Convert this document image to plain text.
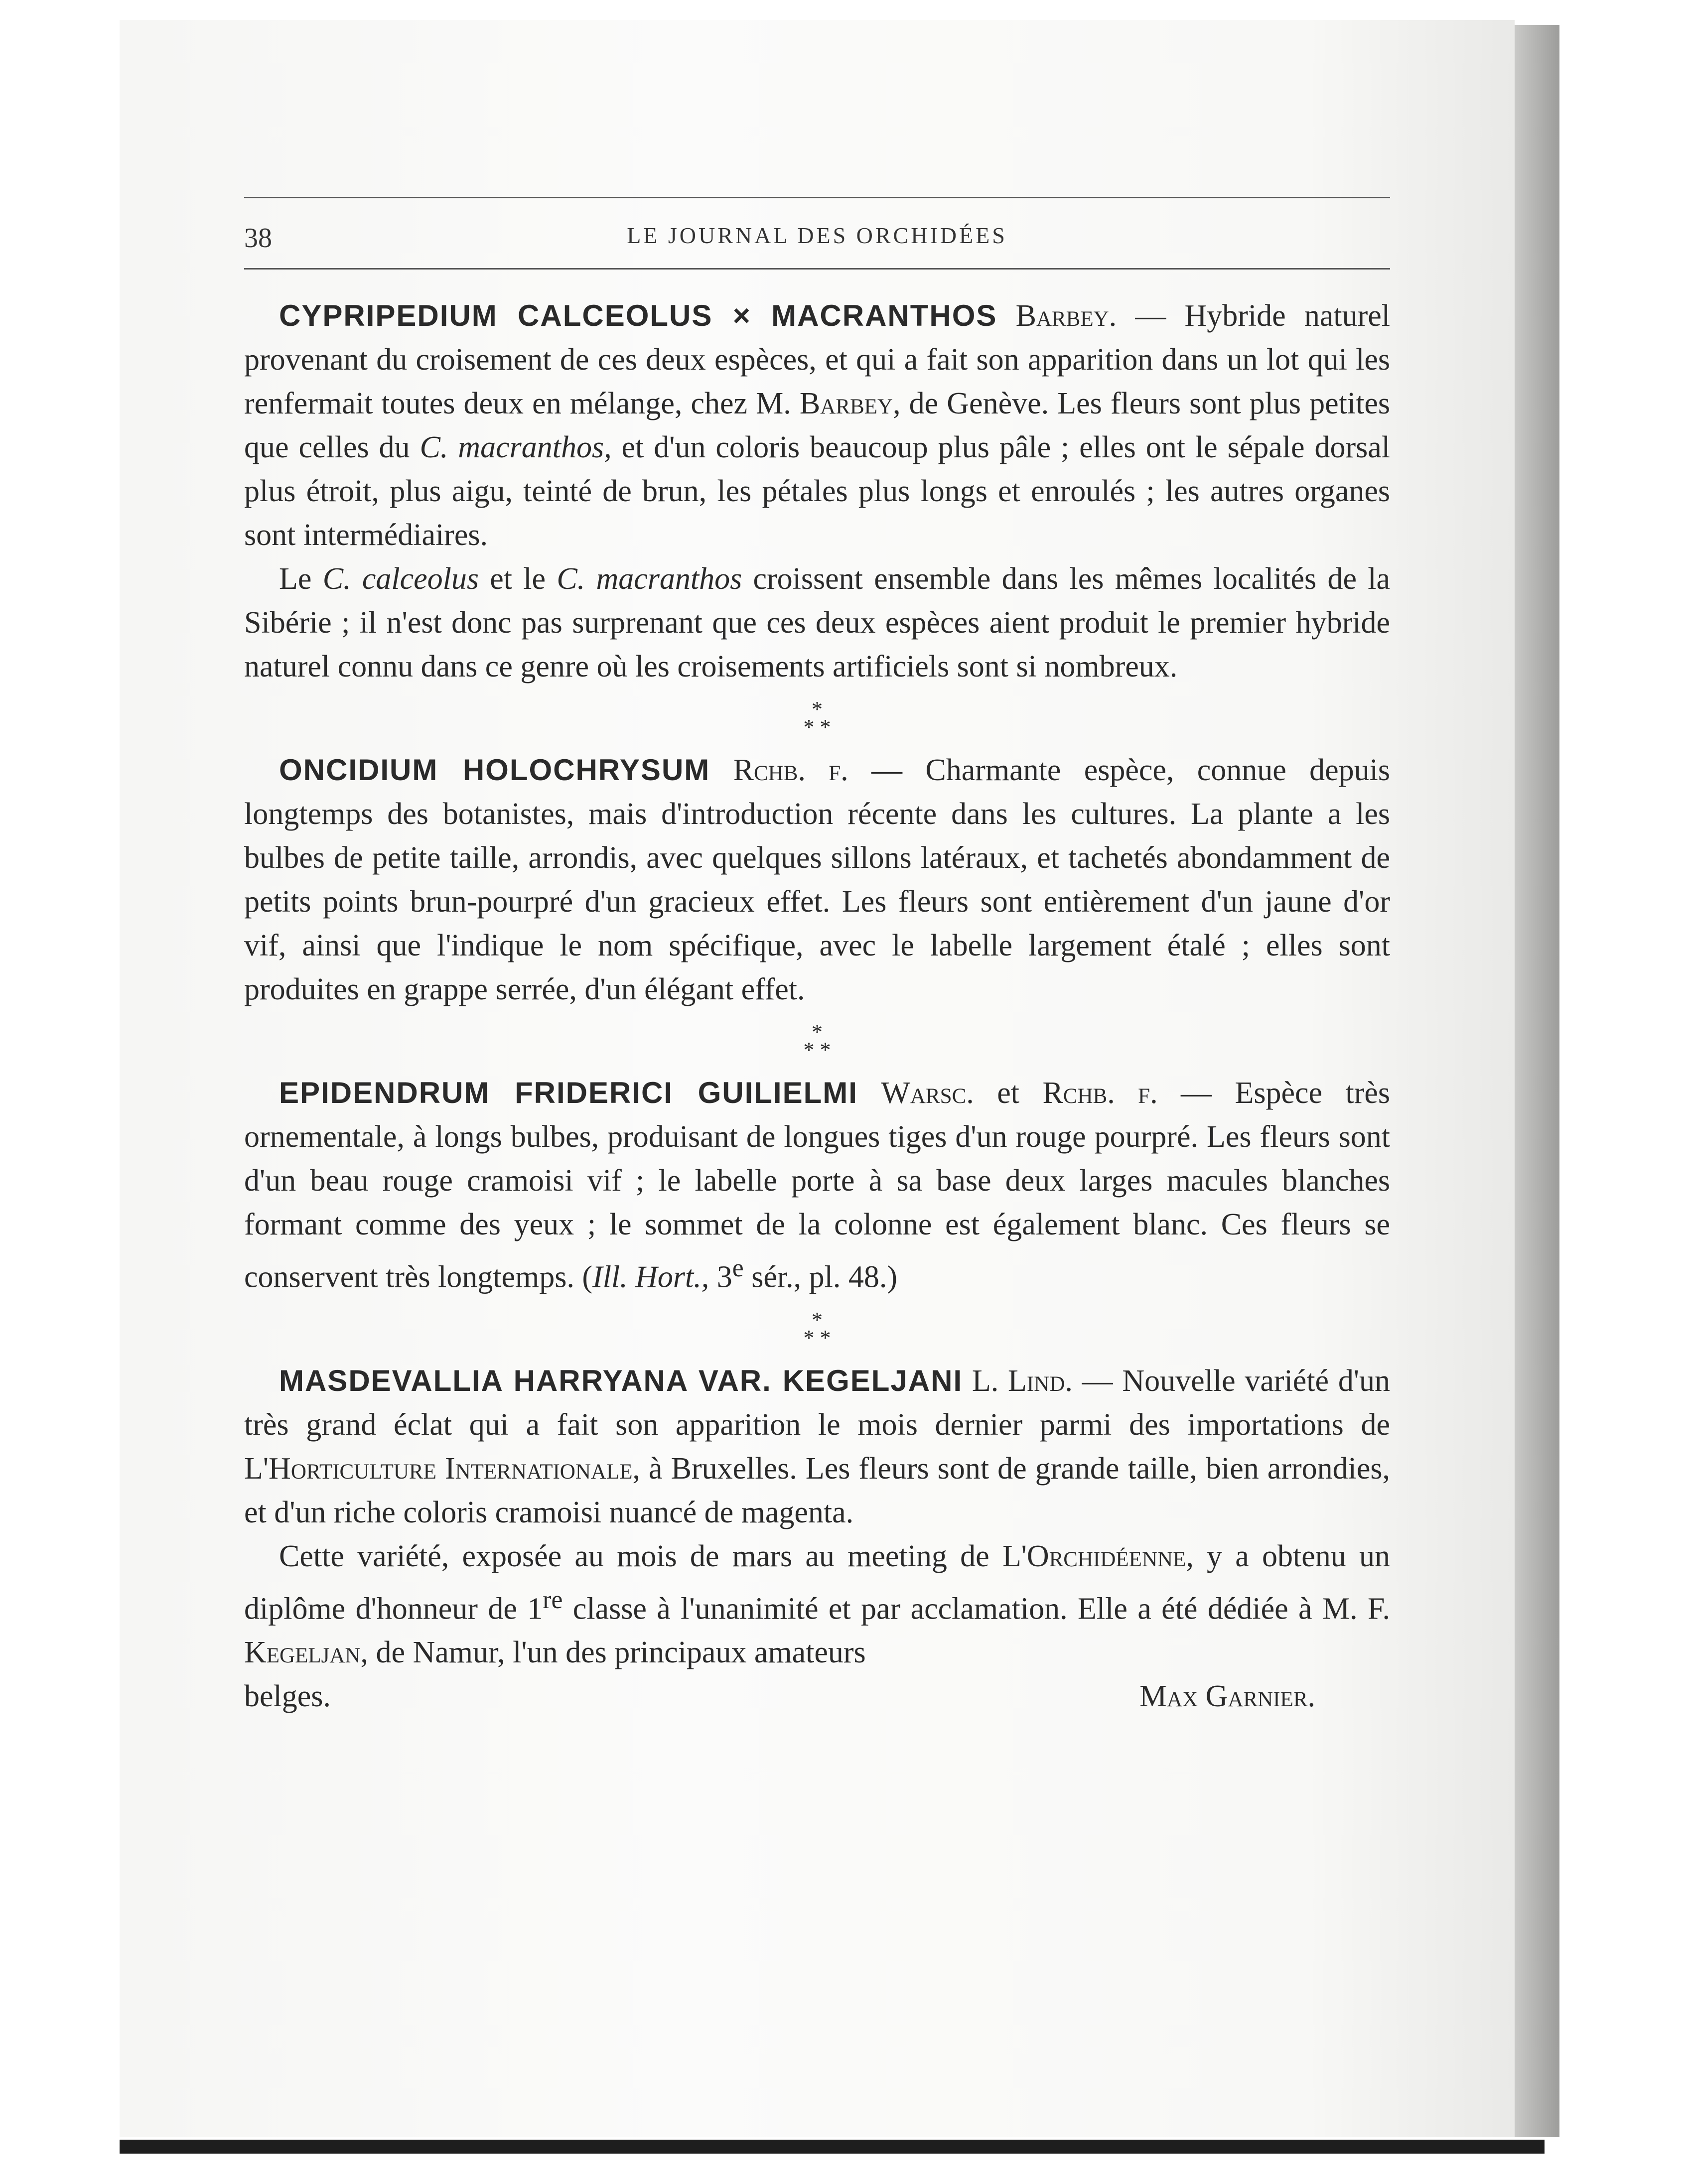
38	LE JOURNAL DES ORCHIDÉES

CYPRIPEDIUM CALCEOLUS × MACRANTHOS Barbey. — Hybride naturel provenant du croisement de ces deux espèces, et qui a fait son apparition dans un lot qui les renfermait toutes deux en mélange, chez M. Barbey, de Genève. Les fleurs sont plus petites que celles du C. macranthos, et d'un coloris beaucoup plus pâle ; elles ont le sépale dorsal plus étroit, plus aigu, teinté de brun, les pétales plus longs et enroulés ; les autres organes sont intermédiaires.

Le C. calceolus et le C. macranthos croissent ensemble dans les mêmes localités de la Sibérie ; il n'est donc pas surprenant que ces deux espèces aient produit le premier hybride naturel connu dans ce genre où les croisements artificiels sont si nombreux.

*
* *

ONCIDIUM HOLOCHRYSUM Rchb. f. — Charmante espèce, connue depuis longtemps des botanistes, mais d'introduction récente dans les cultures. La plante a les bulbes de petite taille, arrondis, avec quelques sillons latéraux, et tachetés abondamment de petits points brun-pourpré d'un gracieux effet. Les fleurs sont entièrement d'un jaune d'or vif, ainsi que l'indique le nom spécifique, avec le labelle largement étalé ; elles sont produites en grappe serrée, d'un élégant effet.

*
* *

EPIDENDRUM FRIDERICI GUILIELMI Warsc. et Rchb. f. — Espèce très ornementale, à longs bulbes, produisant de longues tiges d'un rouge pourpré. Les fleurs sont d'un beau rouge cramoisi vif ; le labelle porte à sa base deux larges macules blanches formant comme des yeux ; le sommet de la colonne est également blanc. Ces fleurs se conservent très longtemps. (Ill. Hort., 3e sér., pl. 48.)

*
* *

MASDEVALLIA HARRYANA VAR. KEGELJANI L. Lind. — Nouvelle variété d'un très grand éclat qui a fait son apparition le mois dernier parmi des importations de L'Horticulture Internationale, à Bruxelles. Les fleurs sont de grande taille, bien arrondies, et d'un riche coloris cramoisi nuancé de magenta.

Cette variété, exposée au mois de mars au meeting de L'Orchidéenne, y a obtenu un diplôme d'honneur de 1re classe à l'unanimité et par acclamation. Elle a été dédiée à M. F. Kegeljan, de Namur, l'un des principaux amateurs

belges.	Max Garnier.
